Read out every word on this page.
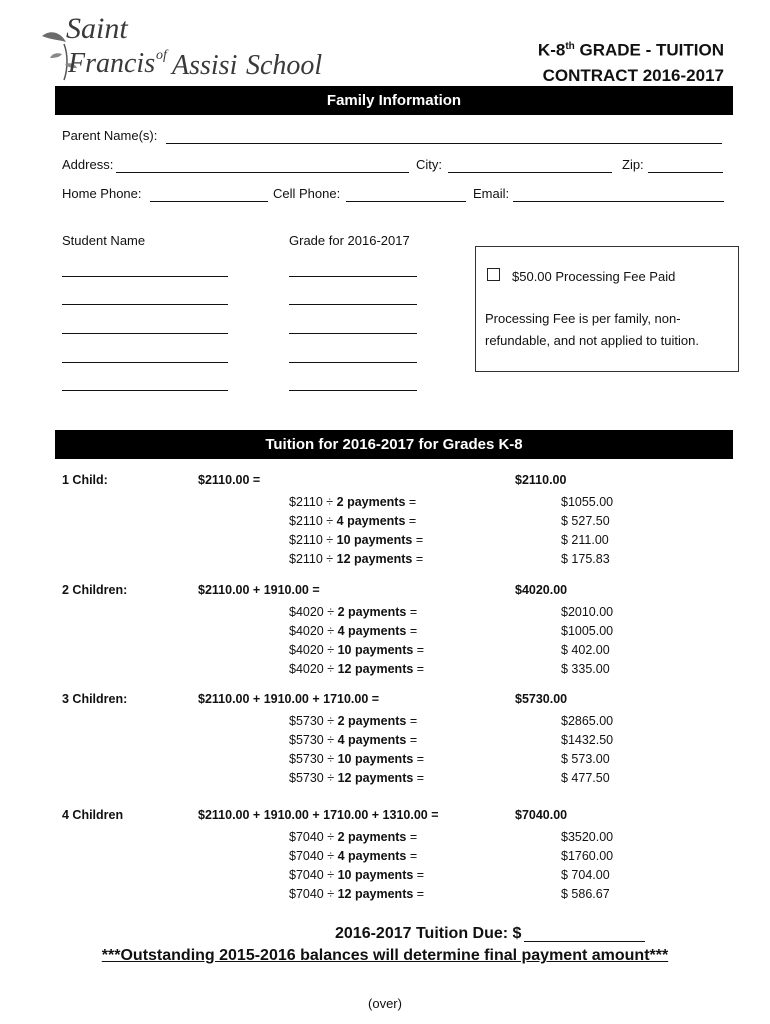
Saint
Francis of Assisi School	K-8th GRADE - TUITION
CONTRACT 2016-2017
Family Information
Parent Name(s):
Address:	City:	Zip:
Home Phone:	Cell Phone:	Email:
Student Name	Grade for 2016-2017
$50.00 Processing Fee Paid
Processing Fee is per family, non-
refundable, and not applied to tuition.
Tuition for 2016-2017 for Grades K-8
1 Child:	$2110.00 =	$2110.00
$2110 ÷ 2 payments =	$1055.00
$2110 ÷ 4 payments =	$ 527.50
$2110 ÷ 10 payments =	$ 211.00
$2110 ÷ 12 payments =	$ 175.83
2 Children:	$2110.00 + 1910.00 =	$4020.00
$4020 ÷ 2 payments =	$2010.00
$4020 ÷ 4 payments =	$1005.00
$4020 ÷ 10 payments =	$ 402.00
$4020 ÷ 12 payments =	$ 335.00
3 Children:	$2110.00 + 1910.00 + 1710.00 =	$5730.00
$5730 ÷ 2 payments =	$2865.00
$5730 ÷ 4 payments =	$1432.50
$5730 ÷ 10 payments =	$ 573.00
$5730 ÷ 12 payments =	$ 477.50
4 Children	$2110.00 + 1910.00 + 1710.00 + 1310.00 =	$7040.00
$7040 ÷ 2 payments =	$3520.00
$7040 ÷ 4 payments =	$1760.00
$7040 ÷ 10 payments =	$ 704.00
$7040 ÷ 12 payments =	$ 586.67
2016-2017 Tuition Due: $
***Outstanding 2015-2016 balances will determine final payment amount***
(over)
